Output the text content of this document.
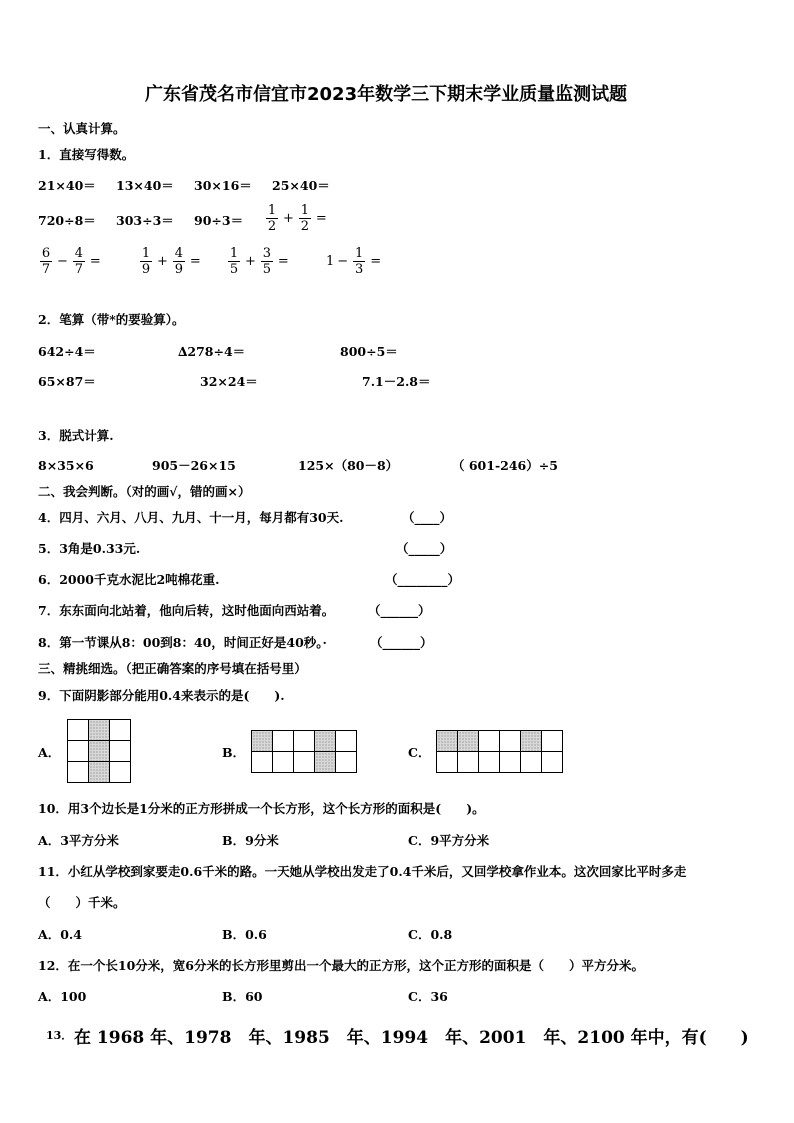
广东省茂名市信宜市2023年数学三下期末学业质量监测试题
一、认真计算。
1．直接写得数。
21×40＝ 13×40＝ 30×16＝ 25×40＝
720÷8＝ 303÷3＝ 90÷3＝
1
2
+
1
2
=
6
7
−
4
7
=
1
9
+
4
9
=
1
5
+
3
5
=	1 −
1
3
=
2．笔算（带*的要验算）。
642÷4＝	∆278÷4＝	800÷5＝
65×87＝	32×24＝	7.1－2.8＝
3．脱式计算.
8×35×6	905－26×15	125×（80－8）	（ 601-246）÷5
二、我会判断。（对的画√，错的画×）
4．四月、六月、八月、九月、十一月，每月都有30天.	（____）
5．3角是0.33元.	（_____）
6．2000千克水泥比2吨棉花重.	（________）
7．东东面向北站着，他向后转，这时他面向西站着。	（______）
8．第一节课从8：00到8：40，时间正好是40秒。·	（______）
三、精挑细选。（把正确答案的序号填在括号里）
9．下面阴影部分能用0.4来表示的是(　　).
A．

			B．

					C．

10．用3个边长是1分米的正方形拼成一个长方形，这个长方形的面积是(　　)。
A．3平方分米	B．9分米	C．9平方分米
11．小红从学校到家要走0.6千米的路。一天她从学校出发走了0.4千米后，又回学校拿作业本。这次回家比平时多走
（　　）千米。
A．0.4	B．0.6	C．0.8
12．在一个长10分米，宽6分米的长方形里剪出一个最大的正方形，这个正方形的面积是（　　）平方分米。
A．100	B．60	C．36
13． 在 1968 年、1978　年、1985　年、1994　年、2001　年、2100 年中，有(　　)
